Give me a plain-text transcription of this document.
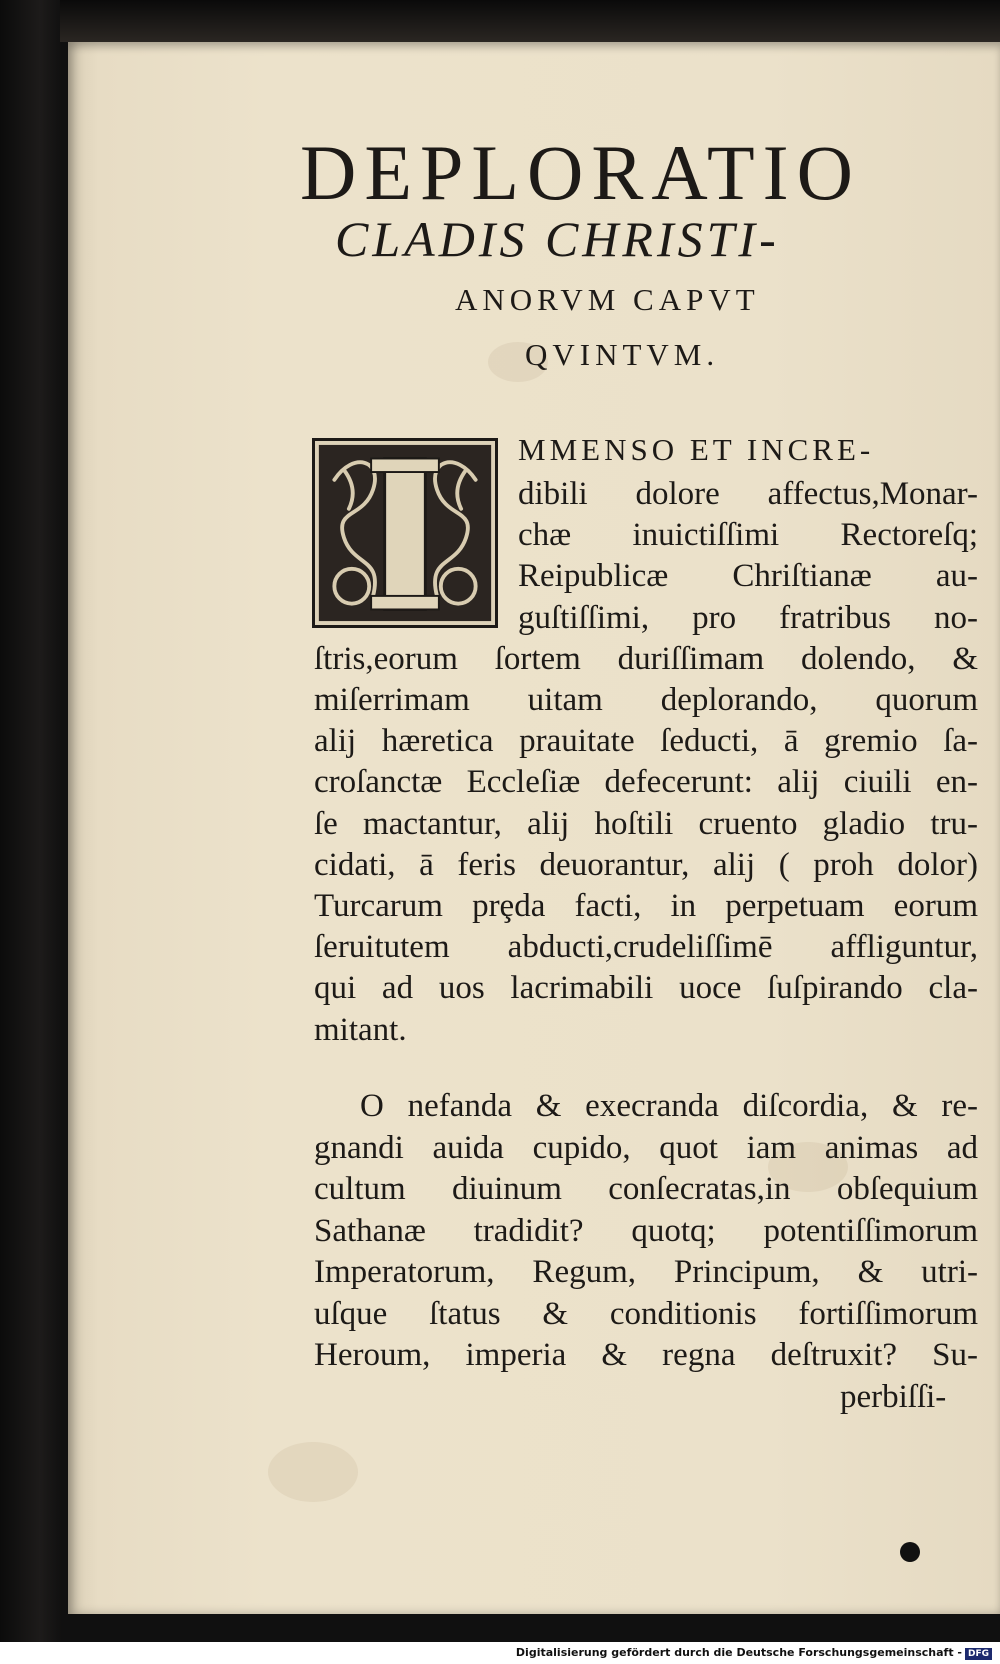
DEPLORATIO
CLADIS CHRISTI-
ANORVM CAPVT
QVINTVM.
MMENSO ET INCRE-
dibili dolore affectus,Monar-
chæ inuictiſſimi Rectoreſq;
Reipublicæ Chriſtianæ au-
guſtiſſimi, pro fratribus no-
ſtris,eorum ſortem duriſſimam dolendo, &
miſerrimam uitam deplorando, quorum
alij hæretica prauitate ſeducti, ā gremio ſa-
croſanctæ Eccleſiæ defecerunt: alij ciuili en-
ſe mactantur, alij hoſtili cruento gladio tru-
cidati, ā feris deuorantur, alij ( proh dolor)
Turcarum prȩda facti, in perpetuam eorum
ſeruitutem abducti,crudeliſſimē affliguntur,
qui ad uos lacrimabili uoce ſuſpirando cla-
mitant.
O nefanda & execranda diſcordia, & re-
gnandi auida cupido, quot iam animas ad
cultum diuinum conſecratas,in obſequium
Sathanæ tradidit? quotq; potentiſſimorum
Imperatorum, Regum, Principum, & utri-
uſque ſtatus & conditionis fortiſſimorum
Heroum, imperia & regna deſtruxit? Su-
perbiſſi-
Digitalisierung gefördert durch die Deutsche Forschungsgemeinschaft - DFG
